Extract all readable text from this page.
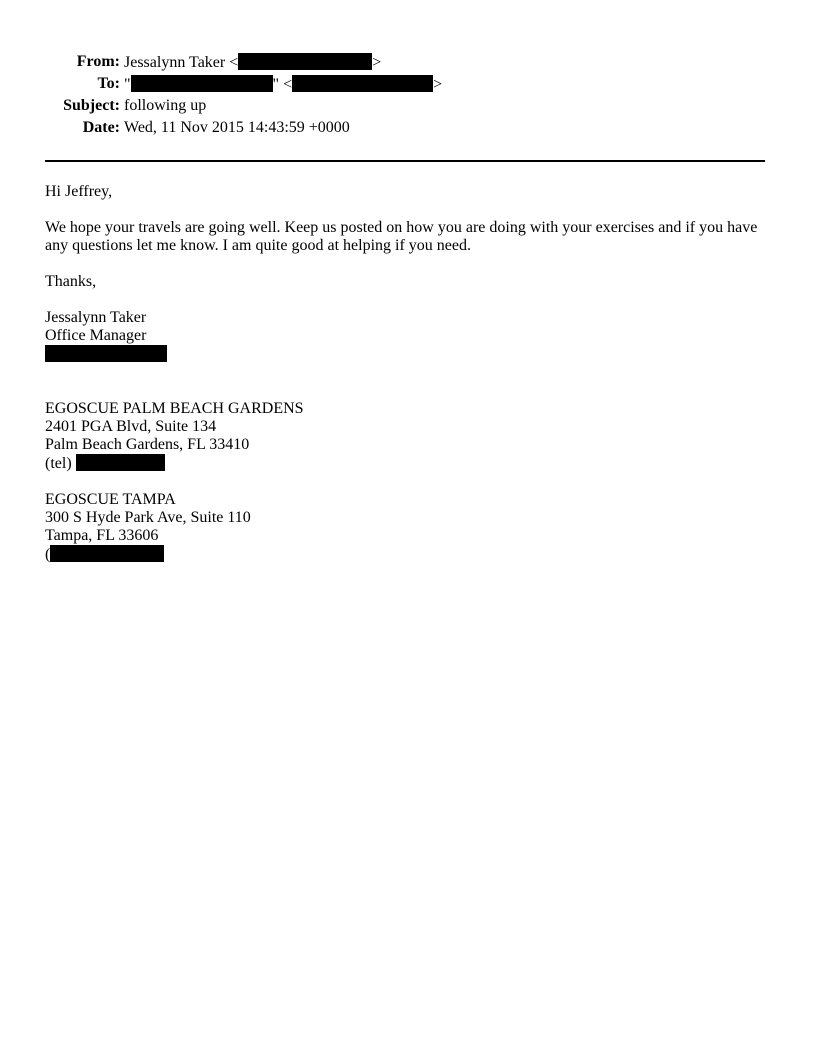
From: Jessalynn Taker <	>
To: "	" <	>
Subject: following up
Date: Wed, 11 Nov 2015 14:43:59 +0000

Hi Jeffrey,

We hope your travels are going well. Keep us posted on how you are doing with your exercises and if you have any questions let me know. I am quite good at helping if you need.

Thanks,

Jessalynn Taker
Office Manager
EGOSCUE PALM BEACH GARDENS
2401 PGA Blvd, Suite 134
Palm Beach Gardens, FL 33410
(tel)
EGOSCUE TAMPA
300 S Hyde Park Ave, Suite 110
Tampa, FL 33606
(
